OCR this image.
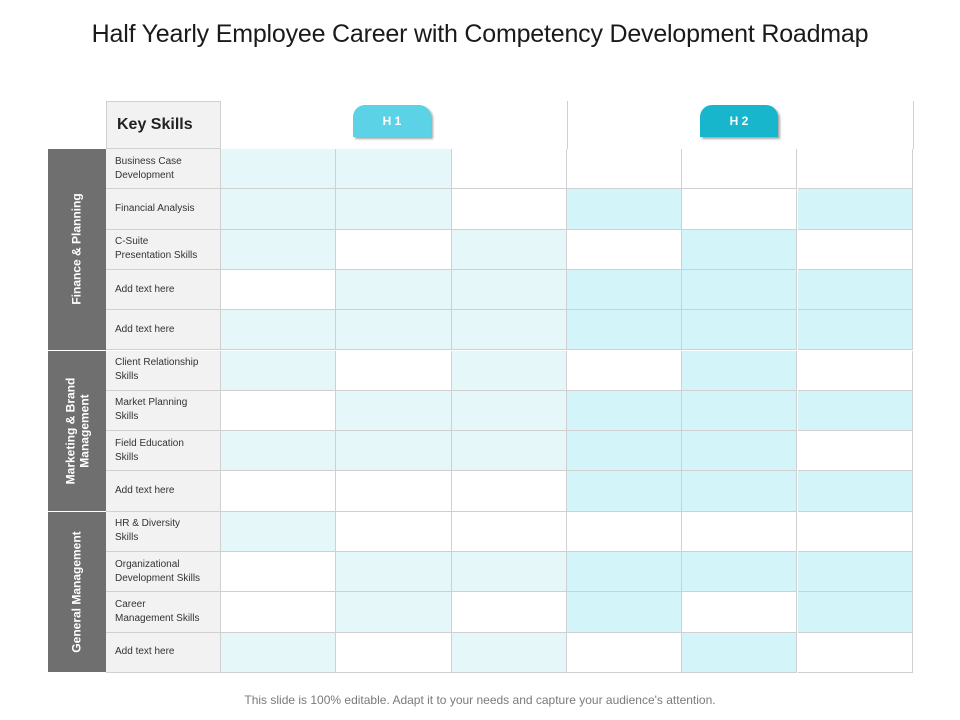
Half Yearly Employee Career with Competency Development Roadmap
Key Skills	H 1	H 2
Finance & Planning
Marketing & Brand
Management
General Management
Business Case
Development
Financial Analysis
C-Suite
Presentation Skills
Add text here
Add text here
Client Relationship
Skills
Market Planning
Skills
Field Education
Skills
Add text here
HR & Diversity
Skills
Organizational
Development Skills
Career
Management Skills
Add text here
This slide is 100% editable. Adapt it to your needs and capture your audience's attention.
